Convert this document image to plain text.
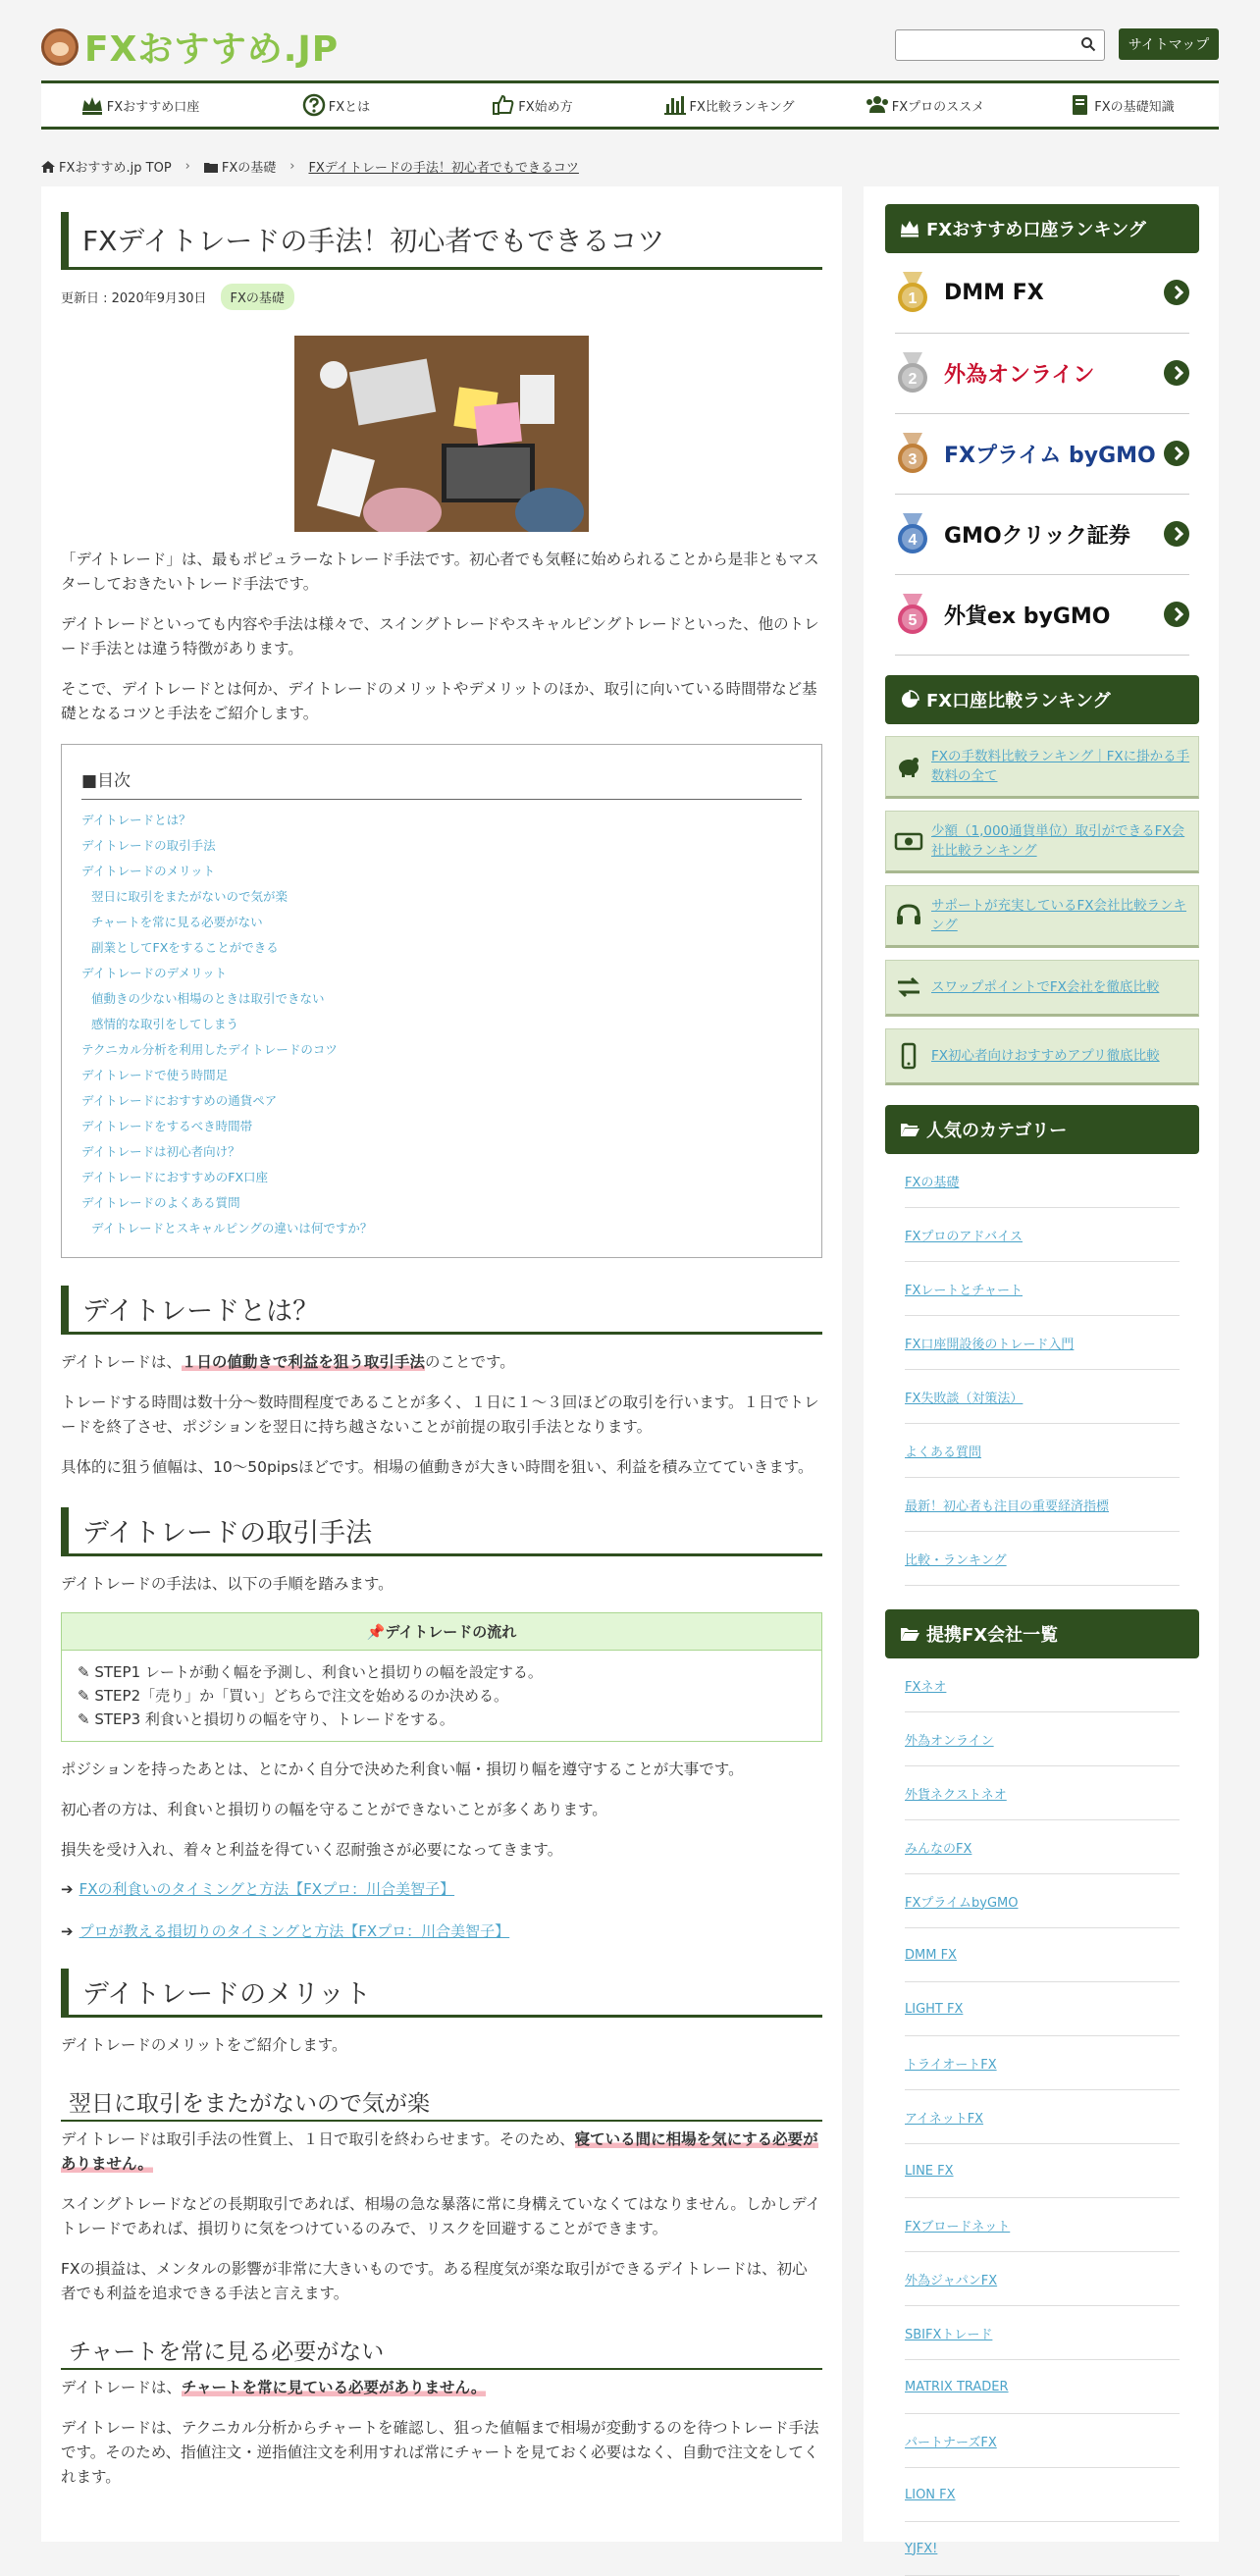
FXおすすめ.JP	サイトマップ
FXおすすめ口座	FXとは	FX始め方	FX比較ランキング	FXプロのススメ	FXの基礎知識
FXおすすめ.jp TOP › FXの基礎 › FXデイトレードの手法！初心者でもできるコツ
FXデイトレードの手法！初心者でもできるコツ
更新日 : 2020年9月30日	FXの基礎

「デイトレード」は、最もポピュラーなトレード手法です。初心者でも気軽に始められることから是非ともマスターしておきたいトレード手法です。

デイトレードといっても内容や手法は様々で、スイングトレードやスキャルピングトレードといった、他のトレード手法とは違う特徴があります。

そこで、デイトレードとは何か、デイトレードのメリットやデメリットのほか、取引に向いている時間帯など基礎となるコツと手法をご紹介します。

■目次
デイトレードとは？
デイトレードの取引手法
デイトレードのメリット
翌日に取引をまたがないので気が楽
チャートを常に見る必要がない
副業としてFXをすることができる
デイトレードのデメリット
値動きの少ない相場のときは取引できない
感情的な取引をしてしまう
テクニカル分析を利用したデイトレードのコツ
デイトレードで使う時間足
デイトレードにおすすめの通貨ペア
デイトレードをするべき時間帯
デイトレードは初心者向け？
デイトレードにおすすめのFX口座
デイトレードのよくある質問
デイトレードとスキャルピングの違いは何ですか？
デイトレードとは？

デイトレードは、１日の値動きで利益を狙う取引手法のことです。

トレードする時間は数十分～数時間程度であることが多く、１日に１～３回ほどの取引を行います。１日でトレードを終了させ、ポジションを翌日に持ち越さないことが前提の取引手法となります。

具体的に狙う値幅は、10～50pipsほどです。相場の値動きが大きい時間を狙い、利益を積み立てていきます。

デイトレードの取引手法

デイトレードの手法は、以下の手順を踏みます。

📌デイトレードの流れ
✎ STEP1 レートが動く幅を予測し、利食いと損切りの幅を設定する。
✎ STEP2「売り」か「買い」どちらで注文を始めるのか決める。
✎ STEP3 利食いと損切りの幅を守り、トレードをする。

ポジションを持ったあとは、とにかく自分で決めた利食い幅・損切り幅を遵守することが大事です。

初心者の方は、利食いと損切りの幅を守ることができないことが多くあります。

損失を受け入れ、着々と利益を得ていく忍耐強さが必要になってきます。

➔ FXの利食いのタイミングと方法【FXプロ：川合美智子】
➔ プロが教える損切りのタイミングと方法【FXプロ：川合美智子】
デイトレードのメリット

デイトレードのメリットをご紹介します。

翌日に取引をまたがないので気が楽

デイトレードは取引手法の性質上、１日で取引を終わらせます。そのため、寝ている間に相場を気にする必要がありません。

スイングトレードなどの長期取引であれば、相場の急な暴落に常に身構えていなくてはなりません。しかしデイトレードであれば、損切りに気をつけているのみで、リスクを回避することができます。

FXの損益は、メンタルの影響が非常に大きいものです。ある程度気が楽な取引ができるデイトレードは、初心者でも利益を追求できる手法と言えます。

チャートを常に見る必要がない

デイトレードは、チャートを常に見ている必要がありません。

デイトレードは、テクニカル分析からチャートを確認し、狙った値幅まで相場が変動するのを待つトレード手法です。そのため、指値注文・逆指値注文を利用すれば常にチャートを見ておく必要はなく、自動で注文をしてくれます。

FXおすすめ口座ランキング
1 DMM FX
2 外為オンライン
3 FXプライム byGMO
4 GMOクリック証券
5 外貨ex byGMO
FX口座比較ランキング
FXの手数料比較ランキング｜FXに掛かる手数料の全て
少額（1,000通貨単位）取引ができるFX会社比較ランキング
サポートが充実しているFX会社比較ランキング
スワップポイントでFX会社を徹底比較
FX初心者向けおすすめアプリ徹底比較
人気のカテゴリー
FXの基礎
FXプロのアドバイス
FXレートとチャート
FX口座開設後のトレード入門
FX失敗談（対策法）
よくある質問
最新！初心者も注目の重要経済指標
比較・ランキング
提携FX会社一覧
FXネオ
外為オンライン
外貨ネクストネオ
みんなのFX
FXプライムbyGMO
DMM FX
LIGHT FX
トライオートFX
アイネットFX
LINE FX
FXブロードネット
外為ジャパンFX
SBIFXトレード
MATRIX TRADER
パートナーズFX
LION FX
YJFX!
